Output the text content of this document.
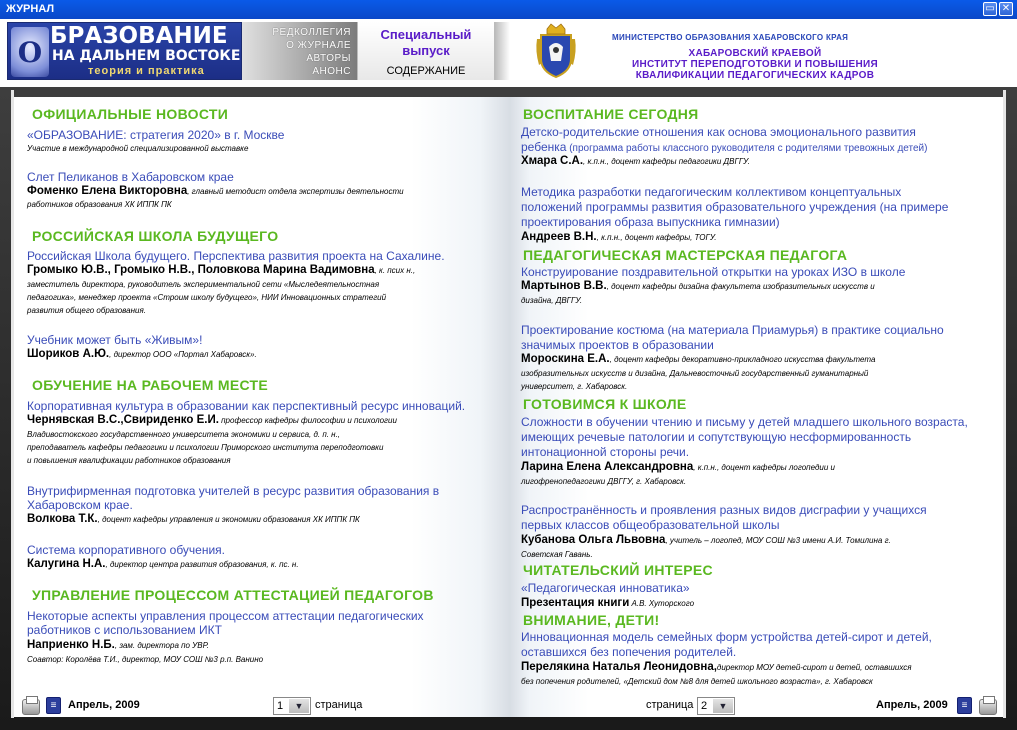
ЖУРНАЛ	▭ ✕
О БРАЗОВАНИЕ
НА ДАЛЬНЕМ ВОСТОКЕ
теория и практика
РЕДКОЛЛЕГИЯ
О ЖУРНАЛЕ
АВТОРЫ
АНОНС
Специальный
выпуск
СОДЕРЖАНИЕ
МИНИСТЕРСТВО ОБРАЗОВАНИЯ ХАБАРОВСКОГО КРАЯ
ХАБАРОВСКИЙ КРАЕВОЙ
ИНСТИТУТ ПЕРЕПОДГОТОВКИ И ПОВЫШЕНИЯ
КВАЛИФИКАЦИИ ПЕДАГОГИЧЕСКИХ КАДРОВ
ОФИЦИАЛЬНЫЕ НОВОСТИ
«ОБРАЗОВАНИЕ: стратегия 2020» в г. Москве
Участие в международной специализированной выставке
Слет Пеликанов в Хабаровском крае
Фоменко Елена Викторовна, главный методист отдела экспертизы деятельности
работников образования ХК ИППК ПК
РОССИЙСКАЯ ШКОЛА БУДУЩЕГО
Российская Школа будущего. Перспектива развития проекта на Сахалине.
Громыко Ю.В., Громыко Н.В., Половкова Марина Вадимовна, к. псих н.,
заместитель директора, руководитель экспериментальной сети «Мыследеятельностная
педагогика», менеджер проекта «Строим школу будущего», НИИ Инновационных стратегий
развития общего образования.
Учебник может быть «Живым»!
Шориков А.Ю., директор ООО «Портал Хабаровск».
ОБУЧЕНИЕ НА РАБОЧЕМ МЕСТЕ
Корпоративная культура в образовании как перспективный ресурс инноваций.
Чернявская В.С.,Свириденко Е.И. профессор кафедры философии и психологии
Владивостокского государственного университета экономики и сервиса, д. п. н.,
преподаватель кафедры педагогики и психологии Приморского института переподготовки
и повышения квалификации работников образования
Внутрифирменная подготовка учителей в ресурс развития образования в
Хабаровском крае.
Волкова Т.К., доцент кафедры управления и экономики образования ХК ИППК ПК
Система корпоративного обучения.
Калугина Н.А., директор центра развития образования, к. пс. н.
УПРАВЛЕНИЕ ПРОЦЕССОМ АТТЕСТАЦИЕЙ ПЕДАГОГОВ
Некоторые аспекты управления процессом аттестации педагогических
работников с использованием ИКТ
Наприенко Н.Б., зам. директора по УВР.
Соавтор: Королёва Т.И., директор, МОУ СОШ №3 р.п. Ванино
ВОСПИТАНИЕ СЕГОДНЯ
Детско-родительские отношения как основа эмоционального развития
ребенка (программа работы классного руководителя с родителями тревожных детей)
Хмара С.А., к.п.н., доцент кафедры педагогики ДВГГУ.
Методика разработки педагогическим коллективом концептуальных
положений программы развития образовательного учреждения (на примере
проектирования образа выпускника гимназии)
Андреев В.Н., к.п.н., доцент кафедры, ТОГУ.
ПЕДАГОГИЧЕСКАЯ МАСТЕРСКАЯ ПЕДАГОГА
Конструирование поздравительной открытки на уроках ИЗО в школе
Мартынов В.В., доцент кафедры дизайна факультета изобразительных искусств и
дизайна, ДВГГУ.
Проектирование костюма (на материала Приамурья) в практике социально
значимых проектов в образовании
Мороскина Е.А., доцент кафедры декоративно-прикладного искусства факультета
изобразительных искусств и дизайна, Дальневосточный государственный гуманитарный
университет, г. Хабаровск.
ГОТОВИМСЯ К ШКОЛЕ
Сложности в обучении чтению и письму у детей младшего школьного возраста,
имеющих речевые патологии и сопутствующую несформированность
интонационной стороны речи.
Ларина Елена Александровна, к.п.н., доцент кафедры логопедии и
лигофренопедагогики ДВГГУ, г. Хабаровск.
Распространённость и проявления разных видов дисграфии у учащихся
первых классов общеобразовательной школы
Кубанова Ольга Львовна, учитель – логопед, МОУ СОШ №3 имени А.И. Томилина г.
Советская Гавань.
ЧИТАТЕЛЬСКИЙ ИНТЕРЕС
«Педагогическая инноватика»
Презентация книги А.В. Хуторского
ВНИМАНИЕ, ДЕТИ!
Инновационная модель семейных форм устройства детей-сирот и детей,
оставшихся без попечения родителей.
Перелякина Наталья Леонидовна,директор МОУ детей-сирот и детей, оставшихся
без попечения родителей, «Детский дом №8 для детей школьного возраста», г. Хабаровск
≡	Апрель, 2009	1	▼	страница	страница 2	▼	Апрель, 2009	≡
